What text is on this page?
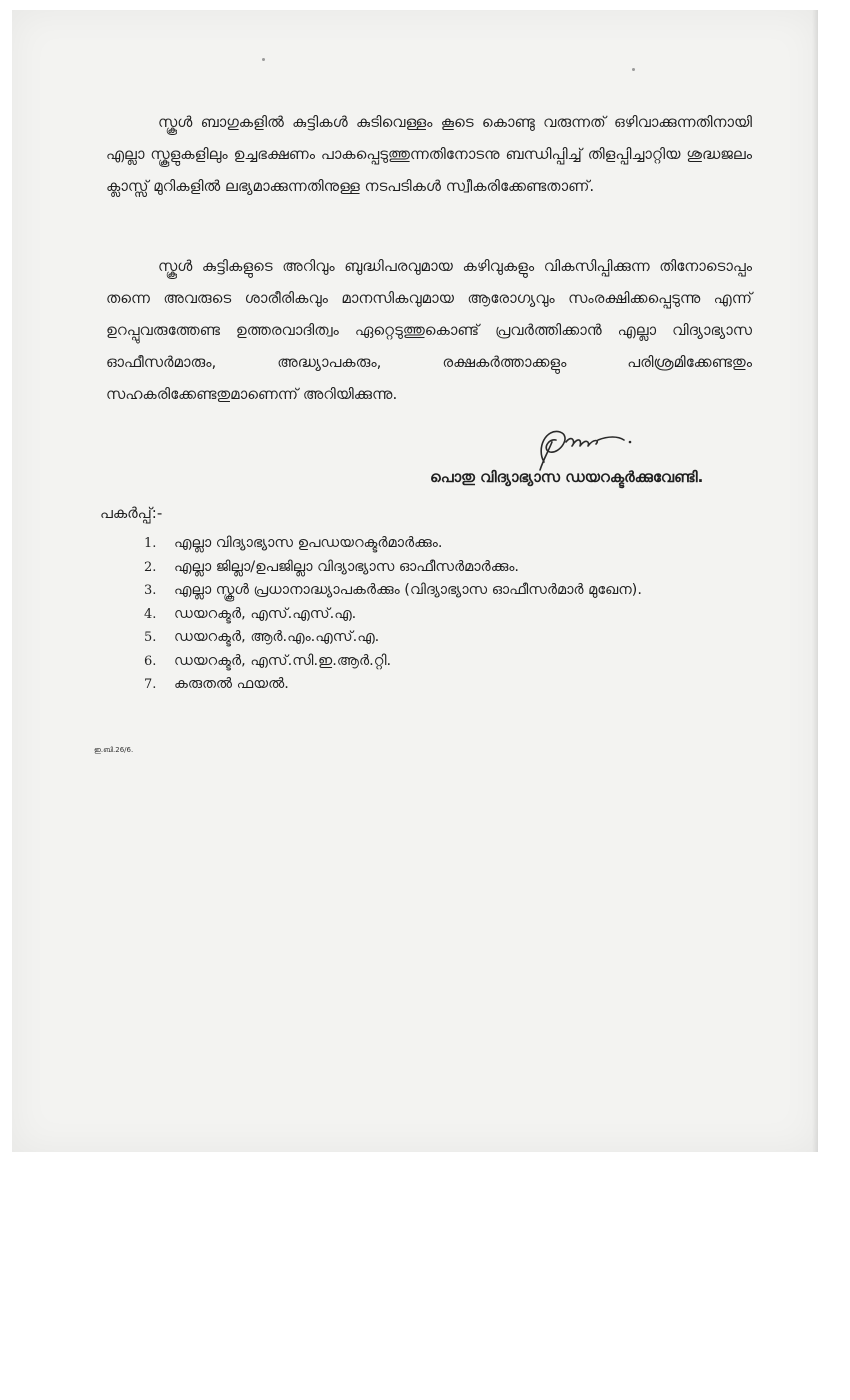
സ്കൂൾ ബാഗുകളിൽ കുട്ടികൾ കുടിവെള്ളം കൂടെ കൊണ്ടു വരുന്നത് ഒഴിവാക്കുന്നതിനായി എല്ലാ സ്കൂളുകളിലും ഉച്ചഭക്ഷണം പാകപ്പെടുത്തുന്നതിനോടനു ബന്ധിപ്പിച്ച് തിളപ്പിച്ചാറ്റിയ ശുദ്ധജലം ക്ലാസ്സ് മുറികളിൽ ലഭ്യമാക്കുന്നതിനുള്ള നടപടികൾ സ്വീകരിക്കേണ്ടതാണ്.

സ്കൂൾ കുട്ടികളുടെ അറിവും ബുദ്ധിപരവുമായ കഴിവുകളും വികസിപ്പിക്കുന്ന തിനോടൊപ്പം തന്നെ അവരുടെ ശാരീരികവും മാനസികവുമായ ആരോഗ്യവും സംരക്ഷിക്കപ്പെടുന്നു എന്ന് ഉറപ്പുവരുത്തേണ്ട ഉത്തരവാദിത്വം ഏറ്റെടുത്തുകൊണ്ട് പ്രവർത്തിക്കാൻ എല്ലാ വിദ്യാഭ്യാസ ഓഫീസർമാരും, അദ്ധ്യാപകരും, രക്ഷകർത്താക്കളും പരിശ്രമിക്കേണ്ടതും സഹകരിക്കേണ്ടതുമാണെന്ന് അറിയിക്കുന്നു.

പൊതു വിദ്യാഭ്യാസ ഡയറക്ടർക്കുവേണ്ടി.
പകർപ്പ്:-
1. എല്ലാ വിദ്യാഭ്യാസ ഉപഡയറക്ടർമാർക്കും.
2. എല്ലാ ജില്ലാ/ഉപജില്ലാ വിദ്യാഭ്യാസ ഓഫീസർമാർക്കും.
3. എല്ലാ സ്കൂൾ പ്രധാനാദ്ധ്യാപകർക്കും (വിദ്യാഭ്യാസ ഓഫീസർമാർ മുഖേന).
4. ഡയറക്ടർ, എസ്.എസ്.എ.
5. ഡയറക്ടർ, ആർ.എം.എസ്.എ.
6. ഡയറക്ടർ, എസ്.സി.ഇ.ആർ.റ്റി.
7. കരുതൽ ഫയൽ.
ഇ.ബി.26/6.
